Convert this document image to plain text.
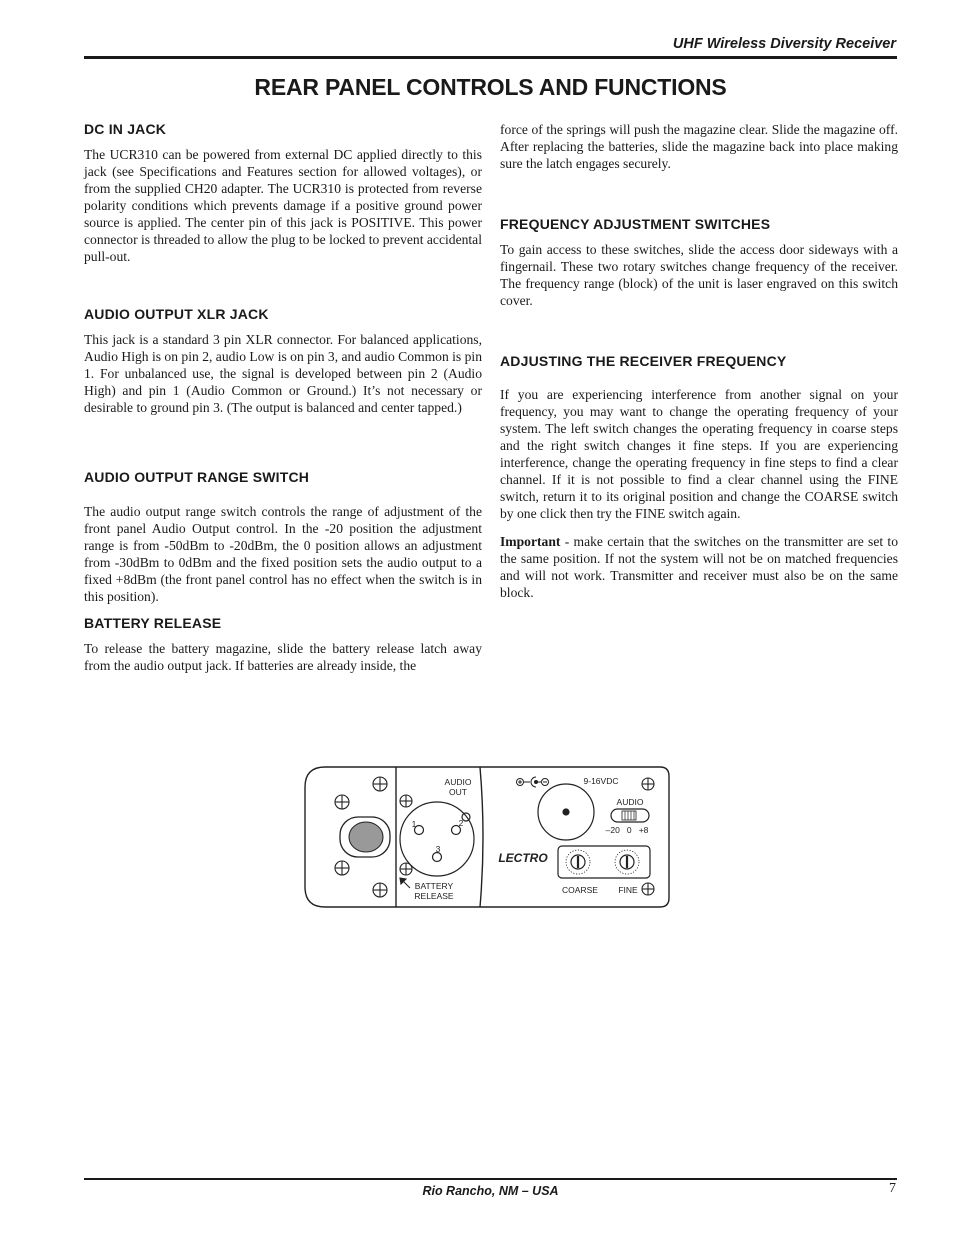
UHF Wireless Diversity Receiver
REAR PANEL CONTROLS AND FUNCTIONS
DC IN JACK

The UCR310 can be powered from external DC applied directly to this jack (see Specifications and Features section for allowed voltages), or from the supplied CH20 adapter. The UCR310 is protected from reverse polarity conditions which prevents damage if a positive ground power source is applied. The center pin of this jack is POSITIVE. This power connector is threaded to allow the plug to be locked to prevent accidental pull-out.

AUDIO OUTPUT XLR JACK

This jack is a standard 3 pin XLR connector. For balanced applications, Audio High is on pin 2, audio Low is on pin 3, and audio Common is pin 1. For unbalanced use, the signal is developed between pin 2 (Audio High) and pin 1 (Audio Common or Ground.) It’s not necessary or desirable to ground pin 3. (The output is balanced and center tapped.)

AUDIO OUTPUT RANGE SWITCH

The audio output range switch controls the range of adjustment of the front panel Audio Output control. In the -20 position the adjustment range is from -50dBm to -20dBm, the 0 position allows an adjustment from -30dBm to 0dBm and the fixed position sets the audio output to a fixed +8dBm (the front panel control has no effect when the switch is in this position).

BATTERY RELEASE

To release the battery magazine, slide the battery release latch away from the audio output jack. If batteries are already inside, the

force of the springs will push the magazine clear. Slide the magazine off. After replacing the batteries, slide the magazine back into place making sure the latch engages securely.

FREQUENCY ADJUSTMENT SWITCHES

To gain access to these switches, slide the access door sideways with a fingernail. These two rotary switches change frequency of the receiver. The frequency range (block) of the unit is laser engraved on this switch cover.

ADJUSTING THE RECEIVER FREQUENCY

If you are experiencing interference from another signal on your frequency, you may want to change the operating frequency of your system. The left switch changes the operating frequency in coarse steps and the right switch changes it fine steps. If you are experiencing interference, change the operating frequency in fine steps to find a clear channel. If it is not possible to find a clear channel using the FINE switch, return it to its original position and change the COARSE switch by one click then try the FINE switch again.

Important - make certain that the switches on the transmitter are set to the same position. If not the system will not be on matched frequencies and will not work. Transmitter and receiver must also be on the same block.

AUDIO
OUT
1	2
3
BATTERY
RELEASE
9-16VDC
AUDIO
–20   0   +8
LECTRO
COARSE FINE
Rio Rancho, NM – USA	7
